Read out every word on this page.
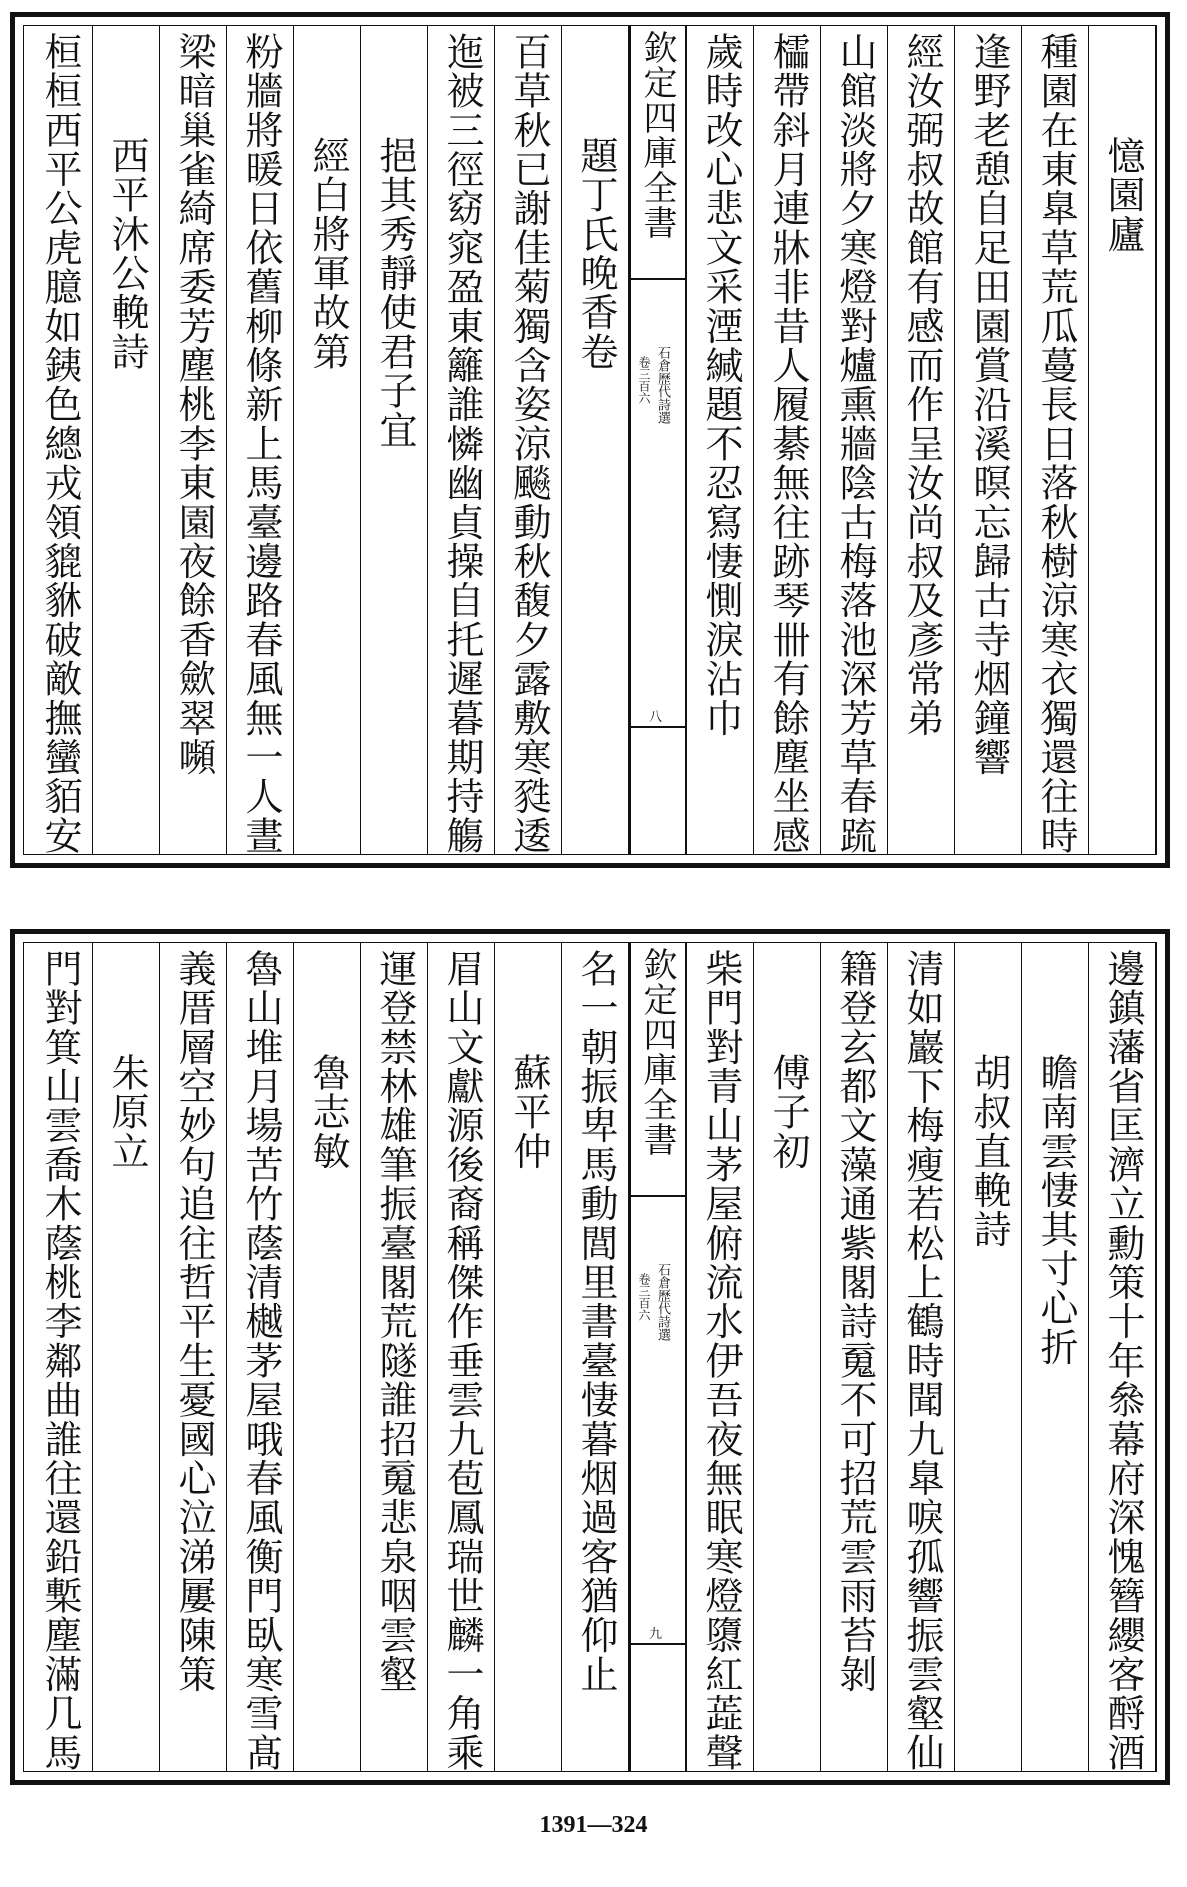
憶園廬
種園在東臯草荒瓜蔓長日落秋樹涼寒衣獨還往時
逢野老憩自足田園賞沿溪暝忘歸古寺烟鐘響
經汝弼叔故館有感而作呈汝尚叔及彥常弟
山館淡將夕寒燈對爐熏牆陰古梅落池深芳草春䟽
櫺帶斜月連牀非昔人履綦無往跡琴卌有餘塵坐感
歲時改心悲文采湮緘題不忍寫悽惻淚沾巾
欽定四庫全書
石倉歷代詩選
卷三百六
八
題丁氏晚香卷
百草秋已謝佳菊獨含姿涼飈動秋馥夕露敷寒甤逶
迤被三徑窈窕盈東籬誰憐幽貞操自托遲暮期持觴
挹其秀靜使君子宜
經白將軍故第
粉牆將暖日依舊柳條新上馬臺邊路春風無一人晝
梁暗巢雀綺席委芳塵桃李東園夜餘香歛翠嚬
西平沐公輓詩
桓桓西平公虎臆如銕色總戎領貔貅破敵撫蠻貊安
邊鎮藩省匡濟立勳策十年叅幕府深愧簪纓客酹酒
瞻南雲悽其寸心折
胡叔直輓詩
清如巖下梅瘦若松上鶴時聞九臯唳孤響振雲壑仙
籍登玄都文藻通紫閣詩䰟不可招荒雲雨苔剝
傅子初
柴門對青山茅屋俯流水伊吾夜無眠寒燈隳紅蕋聲
欽定四庫全書
石倉歷代詩選
卷三百六
九
名一朝振卑馬動閭里書臺悽暮烟過客猶仰止
蘇平仲
眉山文獻源後裔稱傑作垂雲九苞鳳瑞世麟一角乘
運登禁林雄筆振臺閣荒隧誰招䰟悲泉咽雲壑
魯志敏
魯山堆月場苦竹蔭清樾茅屋哦春風衡門臥寒雪髙
義厝層空妙句追往哲平生憂國心泣涕屢陳策
朱原立
門對箕山雲喬木蔭桃李鄰曲誰往還鉛槧塵滿几馬
1391—324
